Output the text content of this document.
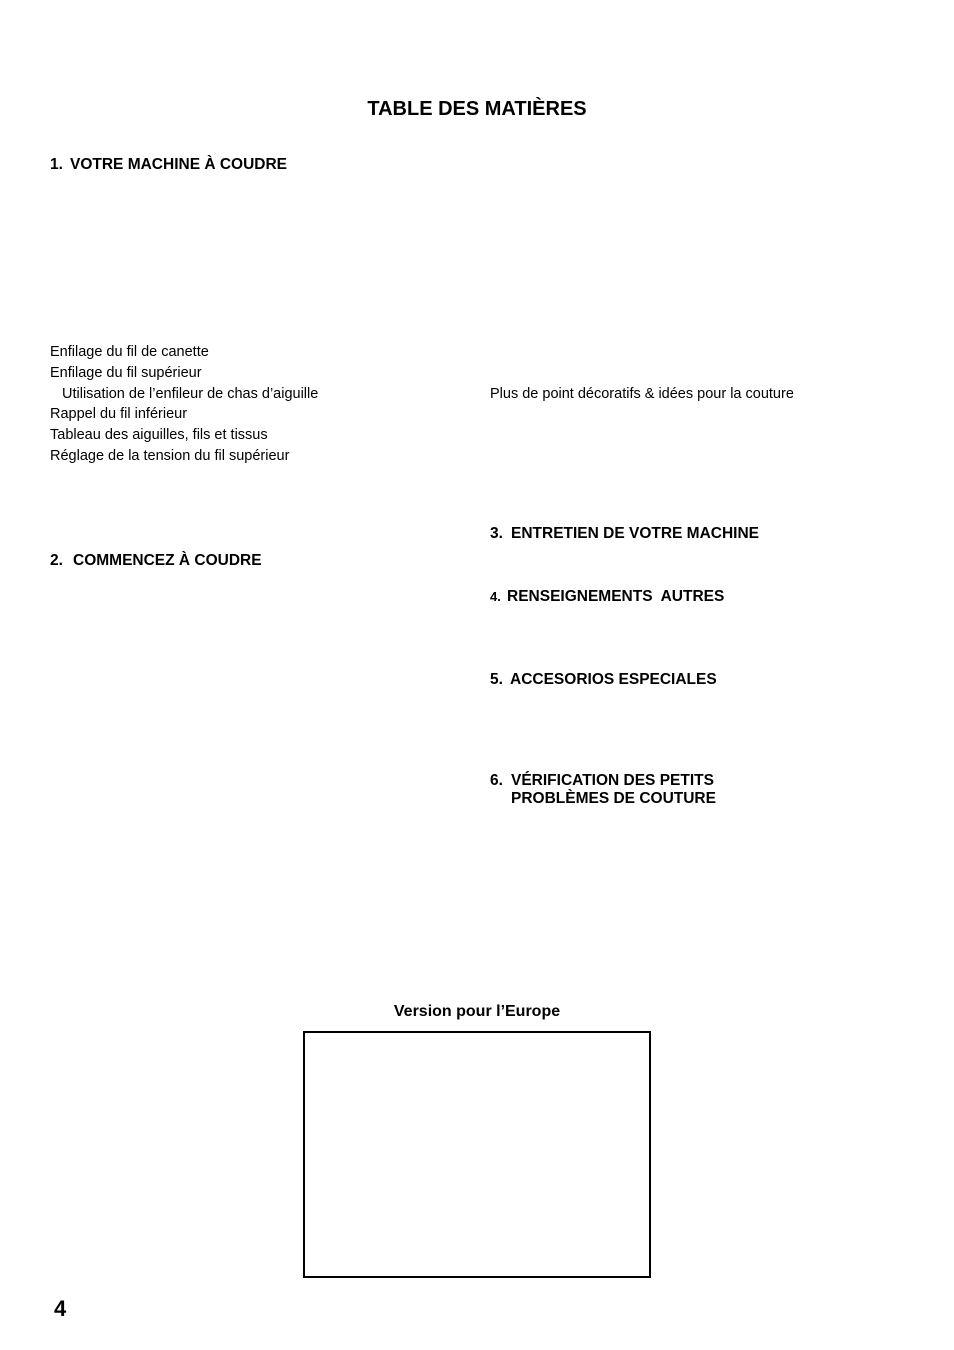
TABLE DES MATIÈRES
1. VOTRE MACHINE À COUDRE
Enfilage du fil de canette
Enfilage du fil supérieur
Utilisation de l’enfileur de chas d’aiguille
Rappel du fil inférieur
Tableau des aiguilles, fils et tissus
Réglage de la tension du fil supérieur
2. COMMENCEZ À COUDRE
Plus de point décoratifs & idées pour la couture
3. ENTRETIEN DE VOTRE MACHINE
4. RENSEIGNEMENTS  AUTRES
5. ACCESORIOS ESPECIALES
6. VÉRIFICATION DES PETITS
PROBLÈMES DE COUTURE
Version pour l’Europe
4
